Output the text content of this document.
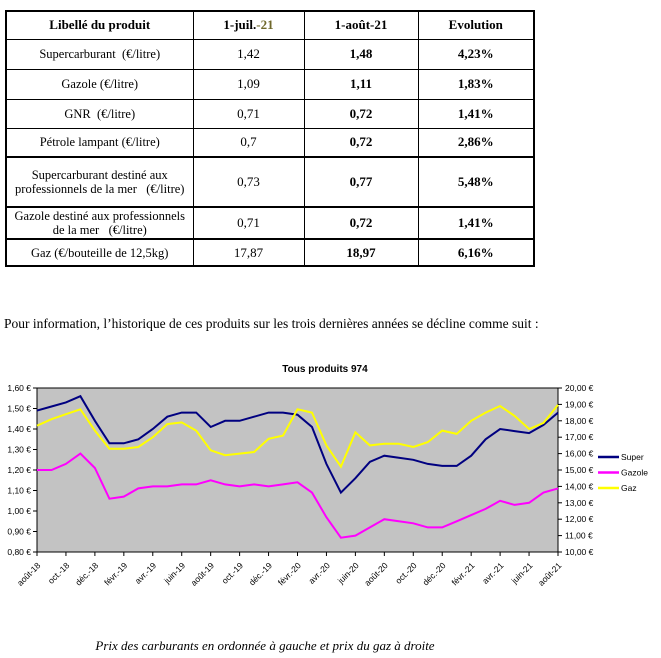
Libellé du produit	1-juil.-21	1-août-21	Evolution
Supercarburant  (€/litre)	1,42	1,48	4,23%
Gazole (€/litre)	1,09	1,11	1,83%
GNR  (€/litre)	0,71	0,72	1,41%
Pétrole lampant (€/litre)	0,7	0,72	2,86%
Supercarburant destiné aux professionnels de la mer   (€/litre)	0,73	0,77	5,48%
Gazole destiné aux professionnels de la mer   (€/litre)	0,71	0,72	1,41%
Gaz (€/bouteille de 12,5kg)	17,87	18,97	6,16%
Pour information, l’historique de ces produits sur les trois dernières années se décline comme suit :
Tous produits 974
1,60 €
1,50 €
1,40 €
1,30 €
1,20 €
1,10 €
1,00 €
0,90 €
0,80 €
20,00 €
19,00 €
18,00 €
17,00 €
16,00 €
15,00 €
14,00 €
13,00 €
12,00 €
11,00 €
10,00 €
août-18 oct.-18 déc.-18 févr.-19 avr.-19 juin-19 août-19 oct.-19 déc.-19 févr.-20 avr.-20 juin-20 août-20 oct.-20 déc.-20 févr.-21 avr.-21 juin-21 août-21
Super
Gazole
Gaz
Prix des carburants en ordonnée à gauche et prix du gaz à droite
